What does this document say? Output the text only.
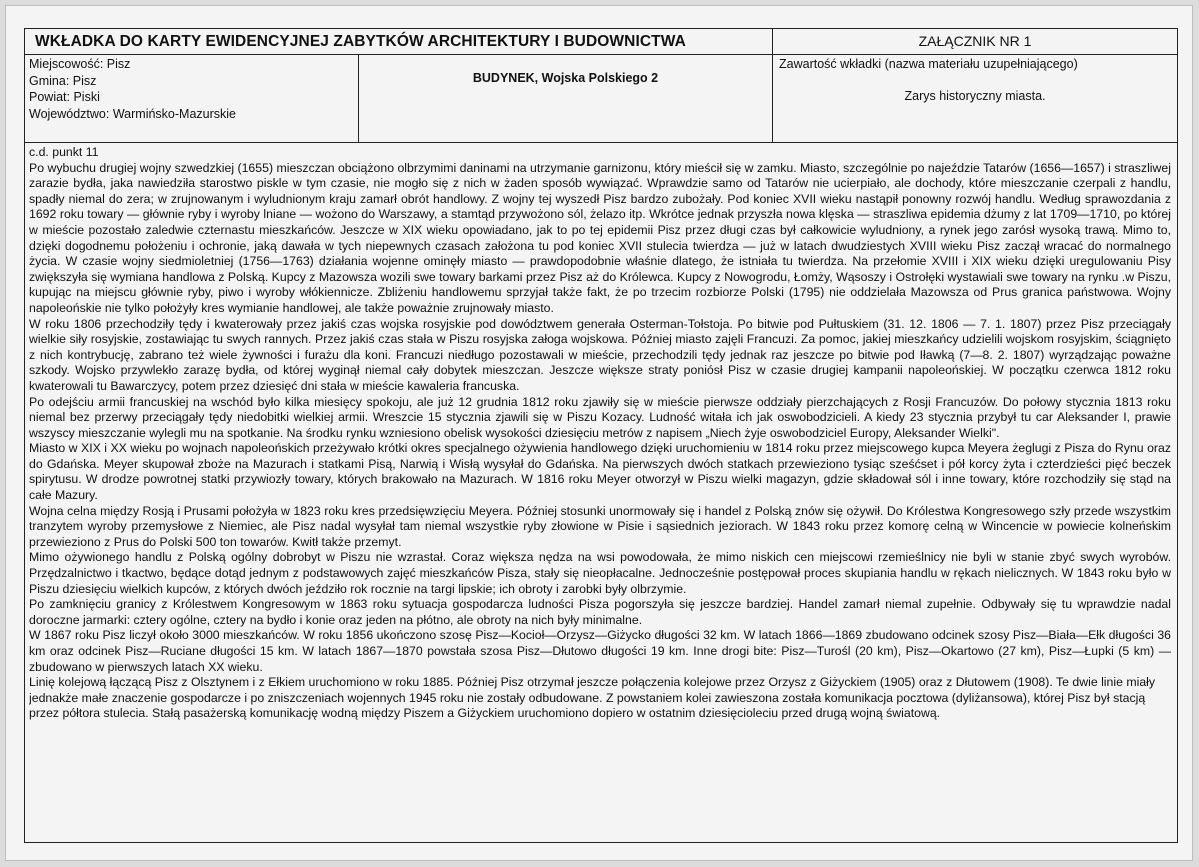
WKŁADKA DO KARTY EWIDENCYJNEJ ZABYTKÓW ARCHITEKTURY I BUDOWNICTWA	ZAŁĄCZNIK NR 1
Miejscowość: Pisz
Gmina: Pisz
Powiat: Piski
Województwo: Warmińsko-Mazurskie
BUDYNEK, Wojska Polskiego 2
Zawartość wkładki (nazwa materiału uzupełniającego)
Zarys historyczny miasta.

c.d. punkt 11

Po wybuchu drugiej wojny szwedzkiej (1655) mieszczan obciążono olbrzymimi daninami na utrzymanie garnizonu, który mieścił się w zamku. Miasto, szczególnie po najeździe Tatarów (1656—1657) i straszliwej zarazie bydła, jaka nawiedziła starostwo piskle w tym czasie, nie mogło się z nich w żaden sposób wywiązać. Wprawdzie samo od Tatarów nie ucierpiało, ale dochody, które mieszczanie czerpali z handlu, spadły niemal do zera; w zrujnowanym i wyludnionym kraju zamarł obrót handlowy. Z wojny tej wyszedł Pisz bardzo zubożały. Pod koniec XVII wieku nastąpił ponowny rozwój handlu. Według sprawozdania z 1692 roku towary — głównie ryby i wyroby lniane — wożono do Warszawy, a stamtąd przywożono sól, żelazo itp. Wkrótce jednak przyszła nowa klęska — straszliwa epidemia dżumy z lat 1709—1710, po której w mieście pozostało zaledwie czternastu mieszkańców. Jeszcze w XIX wieku opowiadano, jak to po tej epidemii Pisz przez długi czas był całkowicie wyludniony, a rynek jego zarósł wysoką trawą. Mimo to, dzięki dogodnemu położeniu i ochronie, jaką dawała w tych niepewnych czasach założona tu pod koniec XVII stulecia twierdza — już w latach dwudziestych XVIII wieku Pisz zaczął wracać do normalnego życia. W czasie wojny siedmioletniej (1756—1763) działania wojenne ominęły miasto — prawdopodobnie właśnie dlatego, że istniała tu twierdza. Na przełomie XVIII i XIX wieku dzięki uregulowaniu Pisy zwiększyła się wymiana handlowa z Polską. Kupcy z Mazowsza wozili swe towary barkami przez Pisz aż do Królewca. Kupcy z Nowogrodu, Łomży, Wąsoszy i Ostrołęki wystawiali swe towary na rynku .w Piszu, kupując na miejscu głównie ryby, piwo i wyroby włókiennicze. Zbliżeniu handlowemu sprzyjał także fakt, że po trzecim rozbiorze Polski (1795) nie oddzielała Mazowsza od Prus granica państwowa. Wojny napoleońskie nie tylko położyły kres wymianie handlowej, ale także poważnie zrujnowały miasto.

W roku 1806 przechodziły tędy i kwaterowały przez jakiś czas wojska rosyjskie pod dowództwem generała Osterman-Tołstoja. Po bitwie pod Pułtuskiem (31. 12. 1806 — 7. 1. 1807) przez Pisz przeciągały wielkie siły rosyjskie, zostawiając tu swych rannych. Przez jakiś czas stała w Piszu rosyjska załoga wojskowa. Później miasto zajęli Francuzi. Za pomoc, jakiej mieszkańcy udzielili wojskom rosyjskim, ściągnięto z nich kontrybucję, zabrano też wiele żywności i furażu dla koni. Francuzi niedługo pozostawali w mieście, przechodzili tędy jednak raz jeszcze po bitwie pod Iławką (7—8. 2. 1807) wyrządzając poważne szkody. Wojsko przywlekło zarazę bydła, od której wyginął niemal cały dobytek mieszczan. Jeszcze większe straty poniósł Pisz w czasie drugiej kampanii napoleońskiej. W początku czerwca 1812 roku kwaterowali tu Bawarczycy, potem przez dziesięć dni stała w mieście kawaleria francuska.

Po odejściu armii francuskiej na wschód było kilka miesięcy spokoju, ale już 12 grudnia 1812 roku zjawiły się w mieście pierwsze oddziały pierzchających z Rosji Francuzów. Do połowy stycznia 1813 roku niemal bez przerwy przeciągały tędy niedobitki wielkiej armii. Wreszcie 15 stycznia zjawili się w Piszu Kozacy. Ludność witała ich jak oswobodzicieli. A kiedy 23 stycznia przybył tu car Aleksander I, prawie wszyscy mieszczanie wylegli mu na spotkanie. Na środku rynku wzniesiono obelisk wysokości dziesięciu metrów z napisem „Niech żyje oswobodziciel Europy, Aleksander Wielki".

Miasto w XIX i XX wieku po wojnach napoleońskich przeżywało krótki okres specjalnego ożywienia handlowego dzięki uruchomieniu w 1814 roku przez miejscowego kupca Meyera żeglugi z Pisza do Rynu oraz do Gdańska. Meyer skupował zboże na Mazurach i statkami Pisą, Narwią i Wisłą wysyłał do Gdańska. Na pierwszych dwóch statkach przewieziono tysiąc sześćset i pół korcy żyta i czterdzieści pięć beczek spirytusu. W drodze powrotnej statki przywiozły towary, których brakowało na Mazurach. W 1816 roku Meyer otworzył w Piszu wielki magazyn, gdzie składował sól i inne towary, które rozchodziły się stąd na całe Mazury.

Wojna celna między Rosją i Prusami położyła w 1823 roku kres przedsięwzięciu Meyera. Później stosunki unormowały się i handel z Polską znów się ożywił. Do Królestwa Kongresowego szły przede wszystkim tranzytem wyroby przemysłowe z Niemiec, ale Pisz nadal wysyłał tam niemal wszystkie ryby złowione w Pisie i sąsiednich jeziorach. W 1843 roku przez komorę celną w Wincencie w powiecie kolneńskim przewieziono z Prus do Polski 500 ton towarów. Kwitł także przemyt.

Mimo ożywionego handlu z Polską ogólny dobrobyt w Piszu nie wzrastał. Coraz większa nędza na wsi powodowała, że mimo niskich cen miejscowi rzemieślnicy nie byli w stanie zbyć swych wyrobów. Przędzalnictwo i tkactwo, będące dotąd jednym z podstawowych zajęć mieszkańców Pisza, stały się nieopłacalne. Jednocześnie postępował proces skupiania handlu w rękach nielicznych. W 1843 roku było w Piszu dziesięciu wielkich kupców, z których dwóch jeździło rok rocznie na targi lipskie; ich obroty i zarobki były olbrzymie.

Po zamknięciu granicy z Królestwem Kongresowym w 1863 roku sytuacja gospodarcza ludności Pisza pogorszyła się jeszcze bardziej. Handel zamarł niemal zupełnie. Odbywały się tu wprawdzie nadal doroczne jarmarki: cztery ogólne, cztery na bydło i konie oraz jeden na płótno, ale obroty na nich były minimalne.

W 1867 roku Pisz liczył około 3000 mieszkańców. W roku 1856 ukończono szosę Pisz—Kocioł—Orzysz—Giżycko długości 32 km. W latach 1866—1869 zbudowano odcinek szosy Pisz—Biała—Ełk długości 36 km oraz odcinek Pisz—Ruciane długości 15 km. W latach 1867—1870 powstała szosa Pisz—Dłutowo długości 19 km. Inne drogi bite: Pisz—Turośl (20 km), Pisz—Okartowo (27 km), Pisz—Łupki (5 km) — zbudowano w pierwszych latach XX wieku.

Linię kolejową łączącą Pisz z Olsztynem i z Ełkiem uruchomiono w roku 1885. Później Pisz otrzymał jeszcze połączenia kolejowe przez Orzysz z Giżyckiem (1905) oraz z Dłutowem (1908). Te dwie linie miały jednakże małe znaczenie gospodarcze i po zniszczeniach wojennych 1945 roku nie zostały odbudowane. Z powstaniem kolei zawieszona została komunikacja pocztowa (dyliżansowa), której Pisz był stacją przez półtora stulecia. Stałą pasażerską komunikację wodną między Piszem a Giżyckiem uruchomiono dopiero w ostatnim dziesięcioleciu przed drugą wojną światową.
